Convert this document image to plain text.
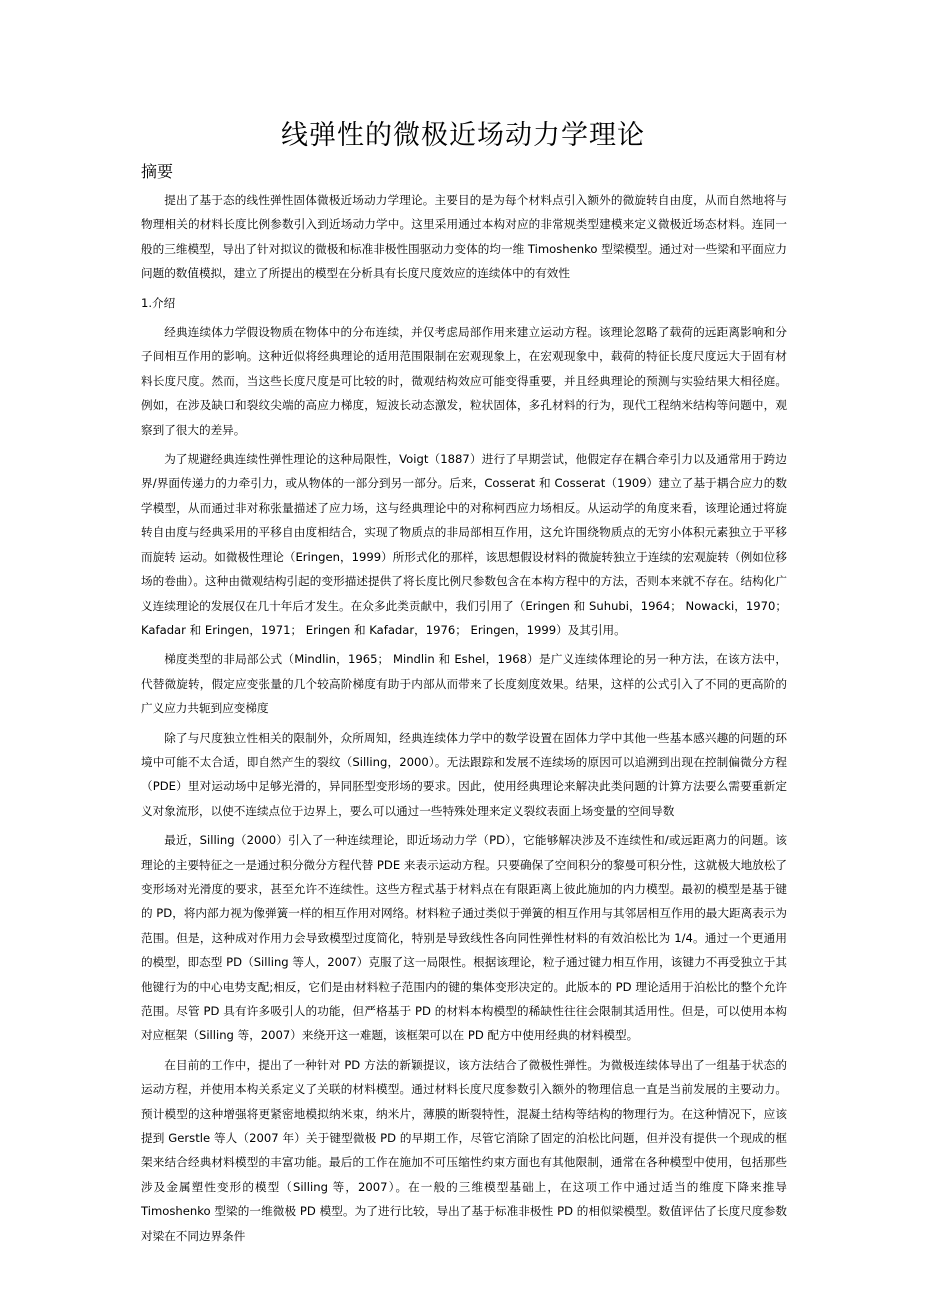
线弹性的微极近场动力学理论
摘要

提出了基于态的线性弹性固体微极近场动力学理论。主要目的是为每个材料点引入额外的微旋转自由度，从而自然地将与物理相关的材料长度比例参数引入到近场动力学中。这里采用通过本构对应的非常规类型建模来定义微极近场态材料。连同一般的三维模型，导出了针对拟议的微极和标准非极性围驱动力变体的均一维 Timoshenko 型梁模型。通过对一些梁和平面应力问题的数值模拟，建立了所提出的模型在分析具有长度尺度效应的连续体中的有效性

1.介绍

经典连续体力学假设物质在物体中的分布连续，并仅考虑局部作用来建立运动方程。该理论忽略了载荷的远距离影响和分子间相互作用的影响。这种近似将经典理论的适用范围限制在宏观现象上，在宏观现象中，载荷的特征长度尺度远大于固有材料长度尺度。然而，当这些长度尺度是可比较的时，微观结构效应可能变得重要，并且经典理论的预测与实验结果大相径庭。例如，在涉及缺口和裂纹尖端的高应力梯度，短波长动态激发，粒状固体，多孔材料的行为，现代工程纳米结构等问题中，观察到了很大的差异。

为了规避经典连续性弹性理论的这种局限性，Voigt（1887）进行了早期尝试，他假定存在耦合牵引力以及通常用于跨边界/界面传递力的力牵引力，或从物体的一部分到另一部分。后来，Cosserat 和 Cosserat（1909）建立了基于耦合应力的数学模型，从而通过非对称张量描述了应力场，这与经典理论中的对称柯西应力场相反。从运动学的角度来看，该理论通过将旋转自由度与经典采用的平移自由度相结合，实现了物质点的非局部相互作用，这允许围绕物质点的无穷小体积元素独立于平移而旋转 运动。如微极性理论（Eringen，1999）所形式化的那样，该思想假设材料的微旋转独立于连续的宏观旋转（例如位移场的卷曲）。这种由微观结构引起的变形描述提供了将长度比例尺参数包含在本构方程中的方法，否则本来就不存在。结构化广义连续理论的发展仅在几十年后才发生。在众多此类贡献中，我们引用了（Eringen 和 Suhubi，1964； Nowacki，1970； Kafadar 和 Eringen，1971； Eringen 和 Kafadar，1976； Eringen，1999）及其引用。

梯度类型的非局部公式（Mindlin，1965； Mindlin 和 Eshel，1968）是广义连续体理论的另一种方法，在该方法中，代替微旋转，假定应变张量的几个较高阶梯度有助于内部从而带来了长度刻度效果。结果，这样的公式引入了不同的更高阶的广义应力共轭到应变梯度

除了与尺度独立性相关的限制外，众所周知，经典连续体力学中的数学设置在固体力学中其他一些基本感兴趣的问题的环境中可能不太合适，即自然产生的裂纹（Silling，2000）。无法跟踪和发展不连续场的原因可以追溯到出现在控制偏微分方程（PDE）里对运动场中足够光滑的，异同胚型变形场的要求。因此，使用经典理论来解决此类问题的计算方法要么需要重新定义对象流形，以使不连续点位于边界上，要么可以通过一些特殊处理来定义裂纹表面上场变量的空间导数

最近，Silling（2000）引入了一种连续理论，即近场动力学（PD），它能够解决涉及不连续性和/或远距离力的问题。该理论的主要特征之一是通过积分微分方程代替 PDE 来表示运动方程。只要确保了空间积分的黎曼可积分性，这就极大地放松了变形场对光滑度的要求，甚至允许不连续性。这些方程式基于材料点在有限距离上彼此施加的内力模型。最初的模型是基于键的 PD，将内部力视为像弹簧一样的相互作用对网络。材料粒子通过类似于弹簧的相互作用与其邻居相互作用的最大距离表示为范围。但是，这种成对作用力会导致模型过度简化，特别是导致线性各向同性弹性材料的有效泊松比为 1/4。通过一个更通用的模型，即态型 PD（Silling 等人，2007）克服了这一局限性。根据该理论，粒子通过键力相互作用，该键力不再受独立于其他键行为的中心电势支配;相反，它们是由材料粒子范围内的键的集体变形决定的。此版本的 PD 理论适用于泊松比的整个允许范围。尽管 PD 具有许多吸引人的功能，但严格基于 PD 的材料本构模型的稀缺性往往会限制其适用性。但是，可以使用本构对应框架（Silling 等，2007）来绕开这一难题，该框架可以在 PD 配方中使用经典的材料模型。

在目前的工作中，提出了一种针对 PD 方法的新颖提议，该方法结合了微极性弹性。为微极连续体导出了一组基于状态的运动方程，并使用本构关系定义了关联的材料模型。通过材料长度尺度参数引入额外的物理信息一直是当前发展的主要动力。预计模型的这种增强将更紧密地模拟纳米束，纳米片，薄膜的断裂特性，混凝土结构等结构的物理行为。在这种情况下，应该提到 Gerstle 等人（2007 年）关于键型微极 PD 的早期工作，尽管它消除了固定的泊松比问题，但并没有提供一个现成的框架来结合经典材料模型的丰富功能。最后的工作在施加不可压缩性约束方面也有其他限制，通常在各种模型中使用，包括那些涉及金属塑性变形的模型（Silling 等，2007）。在一般的三维模型基础上，在这项工作中通过适当的维度下降来推导 Timoshenko 型梁的一维微极 PD 模型。为了进行比较，导出了基于标准非极性 PD 的相似梁模型。数值评估了长度尺度参数对梁在不同边界条件
